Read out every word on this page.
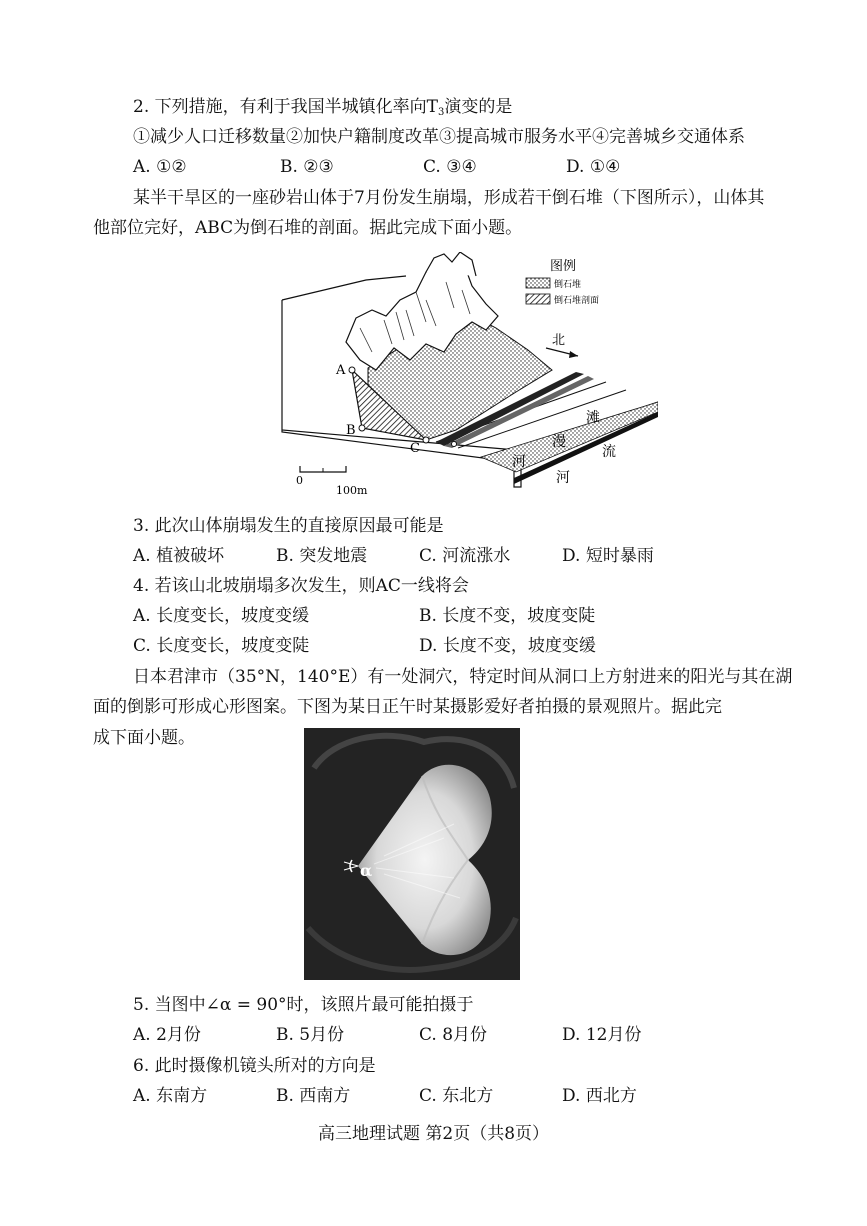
2. 下列措施，有利于我国半城镇化率向$T_3$演变的是
①减少人口迁移数量②加快户籍制度改革③提高城市服务水平④完善城乡交通体系
A. ①②	B. ②③	C. ③④	D. ①④
某半干旱区的一座砂岩山体于7月份发生崩塌，形成若干倒石堆（下图所示），山体其
他部位完好，ABC为倒石堆的剖面。据此完成下面小题。
A
B
C
图例
倒石堆
倒石堆剖面
北
滩
漫
流
河
河
0
100m
3. 此次山体崩塌发生的直接原因最可能是
A. 植被破坏	B. 突发地震	C. 河流涨水	D. 短时暴雨
4. 若该山北坡崩塌多次发生，则AC一线将会
A. 长度变长，坡度变缓	B. 长度不变，坡度变陡
C. 长度变长，坡度变陡	D. 长度不变，坡度变缓
日本君津市（35°N，140°E）有一处洞穴，特定时间从洞口上方射进来的阳光与其在湖
面的倒影可形成心形图案。下图为某日正午时某摄影爱好者拍摄的景观照片。据此完
成下面小题。
α
5. 当图中∠α = 90°时，该照片最可能拍摄于
A. 2月份	B. 5月份	C. 8月份	D. 12月份
6. 此时摄像机镜头所对的方向是
A. 东南方	B. 西南方	C. 东北方	D. 西北方
高三地理试题 第2页（共8页）
